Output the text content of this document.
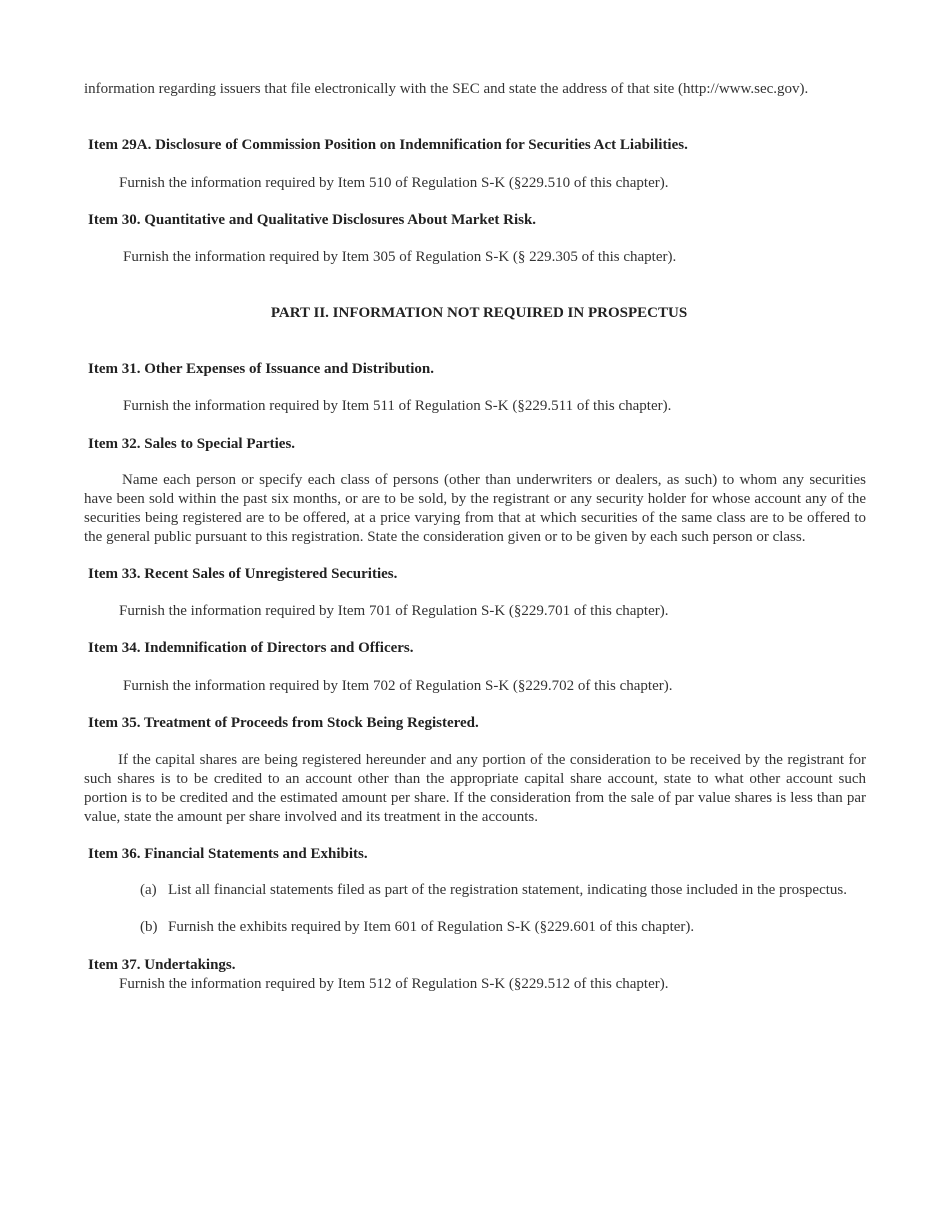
information regarding issuers that file electronically with the SEC and state the address of that site (http://www.sec.gov).

Item 29A. Disclosure of Commission Position on Indemnification for Securities Act Liabilities.

Furnish the information required by Item 510 of Regulation S-K (§229.510 of this chapter).

Item 30. Quantitative and Qualitative Disclosures About Market Risk.

Furnish the information required by Item 305 of Regulation S-K (§ 229.305 of this chapter).

PART II. INFORMATION NOT REQUIRED IN PROSPECTUS

Item 31. Other Expenses of Issuance and Distribution.

Furnish the information required by Item 511 of Regulation S-K (§229.511 of this chapter).

Item 32. Sales to Special Parties.

Name each person or specify each class of persons (other than underwriters or dealers, as such) to whom any securities have been sold within the past six months, or are to be sold, by the registrant or any security holder for whose account any of the securities being registered are to be offered, at a price varying from that at which securities of the same class are to be offered to the general public pursuant to this registration. State the consideration given or to be given by each such person or class.

Item 33. Recent Sales of Unregistered Securities.

Furnish the information required by Item 701 of Regulation S-K (§229.701 of this chapter).

Item 34. Indemnification of Directors and Officers.

Furnish the information required by Item 702 of Regulation S-K (§229.702 of this chapter).

Item 35. Treatment of Proceeds from Stock Being Registered.

If the capital shares are being registered hereunder and any portion of the consideration to be received by the registrant for such shares is to be credited to an account other than the appropriate capital share account, state to what other account such portion is to be credited and the estimated amount per share. If the consideration from the sale of par value shares is less than par value, state the amount per share involved and its treatment in the accounts.

Item 36. Financial Statements and Exhibits.

(a) List all financial statements filed as part of the registration statement, indicating those included in the prospectus.

(b) Furnish the exhibits required by Item 601 of Regulation S-K (§229.601 of this chapter).

Item 37. Undertakings.

Furnish the information required by Item 512 of Regulation S-K (§229.512 of this chapter).
